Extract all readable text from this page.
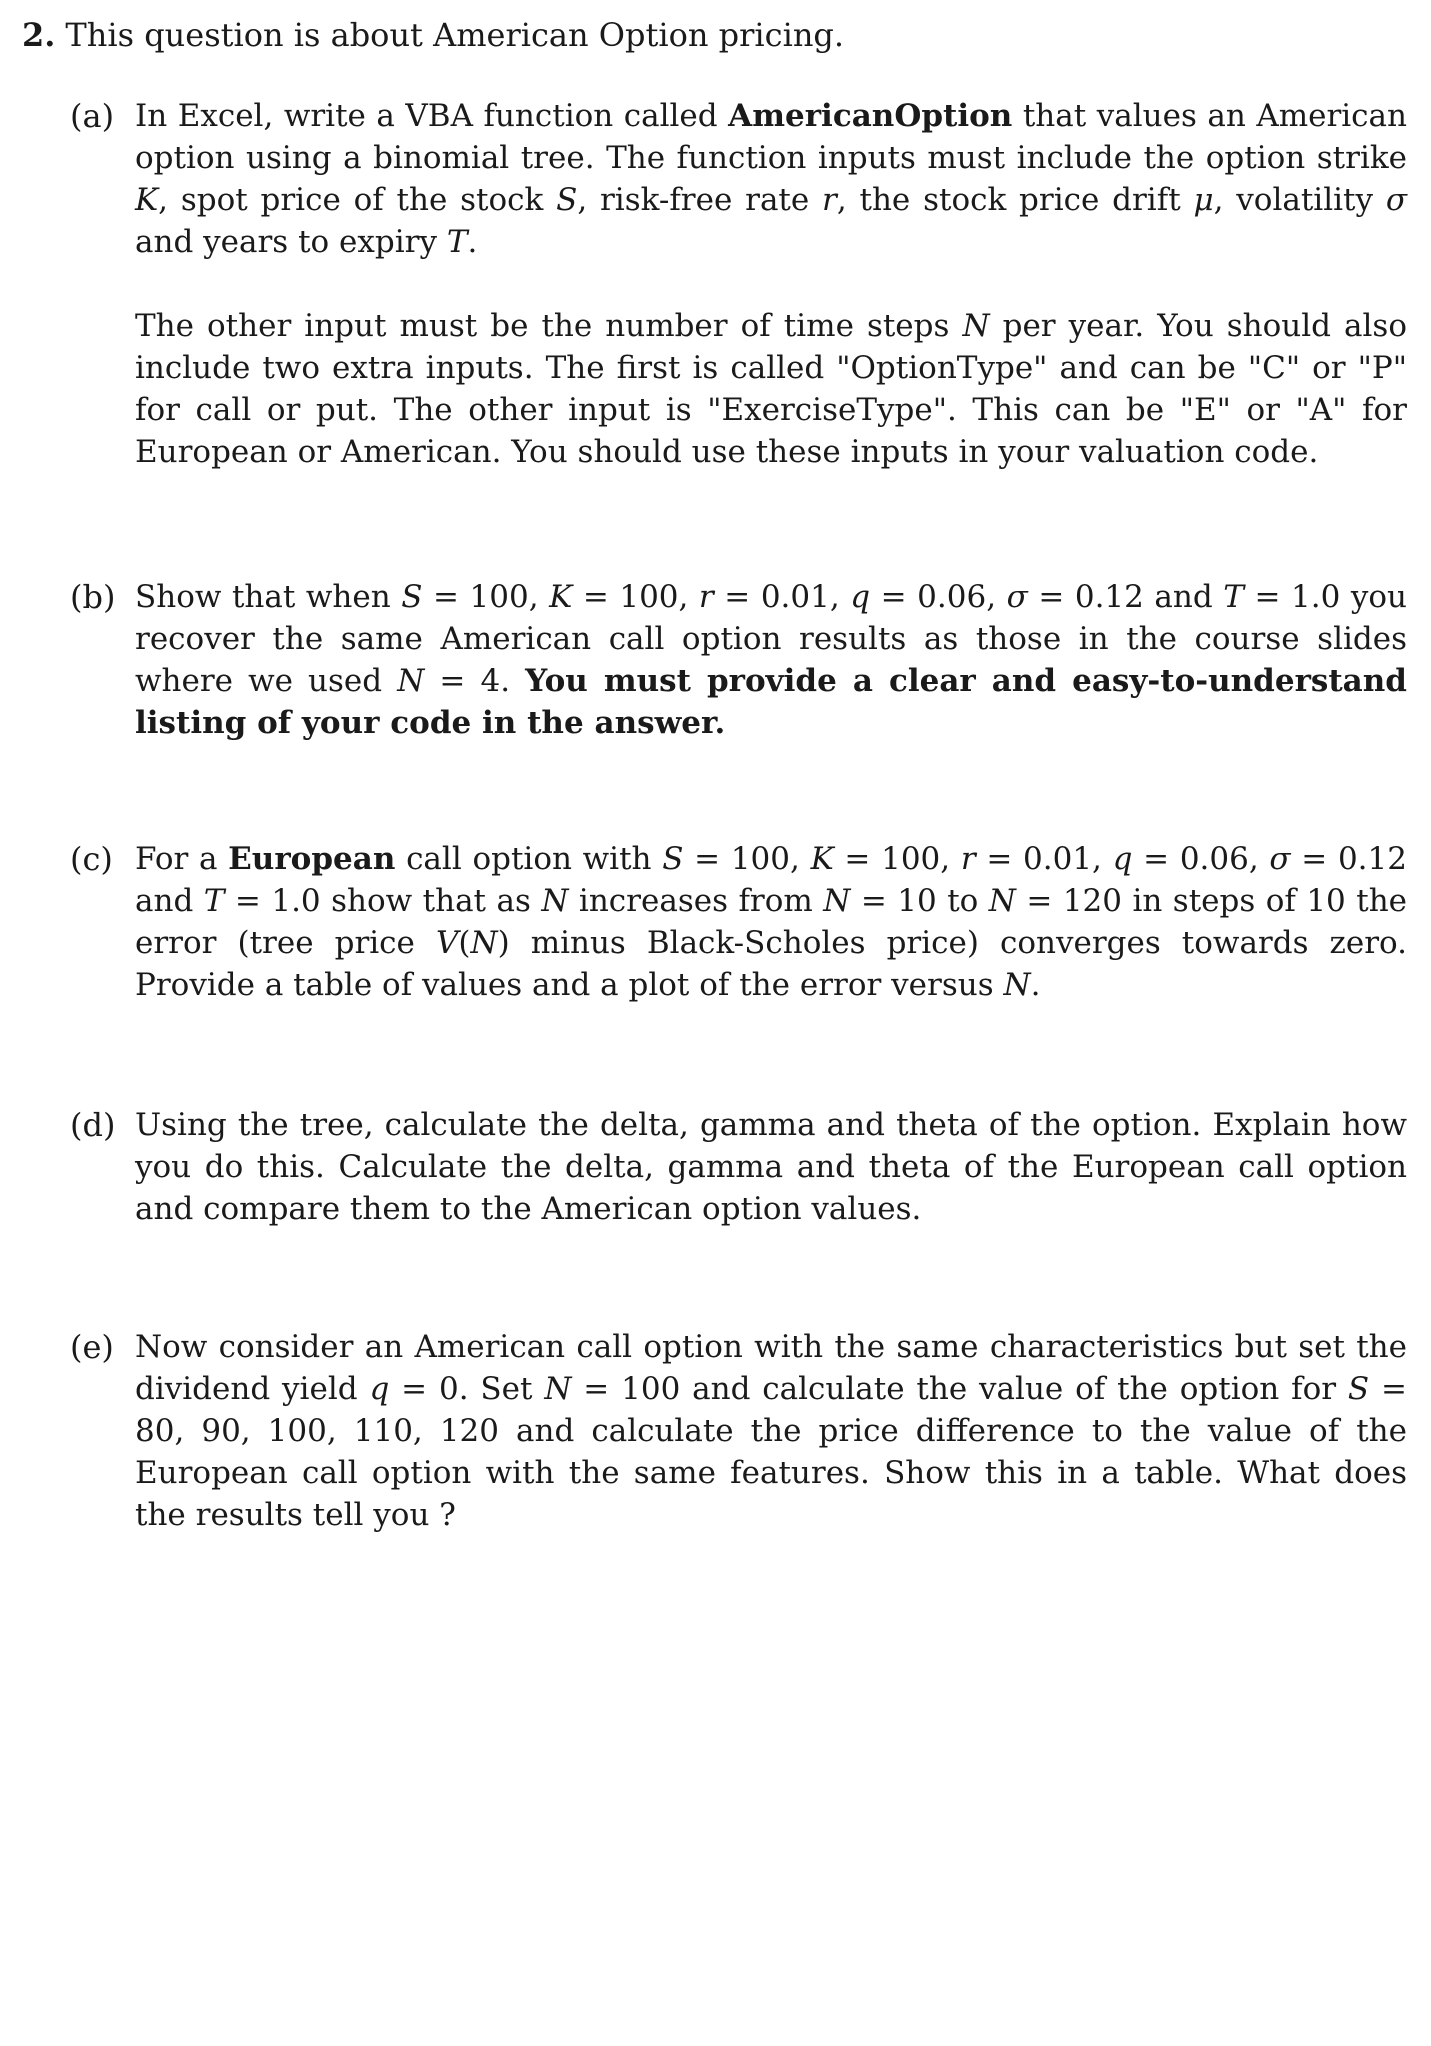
2. This question is about American Option pricing.
(a) In Excel, write a VBA function called AmericanOption that values an American option using a binomial tree. The function inputs must include the option strike K, spot price of the stock S, risk-free rate r, the stock price drift μ, volatility σ and years to expiry T.

The other input must be the number of time steps N per year. You should also include two extra inputs. The first is called "OptionType" and can be "C" or "P" for call or put. The other input is "ExerciseType". This can be "E" or "A" for European or American. You should use these inputs in your valuation code.

(b) Show that when S = 100, K = 100, r = 0.01, q = 0.06, σ = 0.12 and T = 1.0 you recover the same American call option results as those in the course slides where we used N = 4. You must provide a clear and easy-to-understand listing of your code in the answer.

(c) For a European call option with S = 100, K = 100, r = 0.01, q = 0.06, σ = 0.12 and T = 1.0 show that as N increases from N = 10 to N = 120 in steps of 10 the error (tree price V(N) minus Black-Scholes price) converges towards zero. Provide a table of values and a plot of the error versus N.

(d) Using the tree, calculate the delta, gamma and theta of the option. Explain how you do this. Calculate the delta, gamma and theta of the European call option and compare them to the American option values.

(e) Now consider an American call option with the same characteristics but set the dividend yield q = 0. Set N = 100 and calculate the value of the option for S = 80, 90, 100, 110, 120 and calculate the price difference to the value of the European call option with the same features. Show this in a table. What does the results tell you ?
